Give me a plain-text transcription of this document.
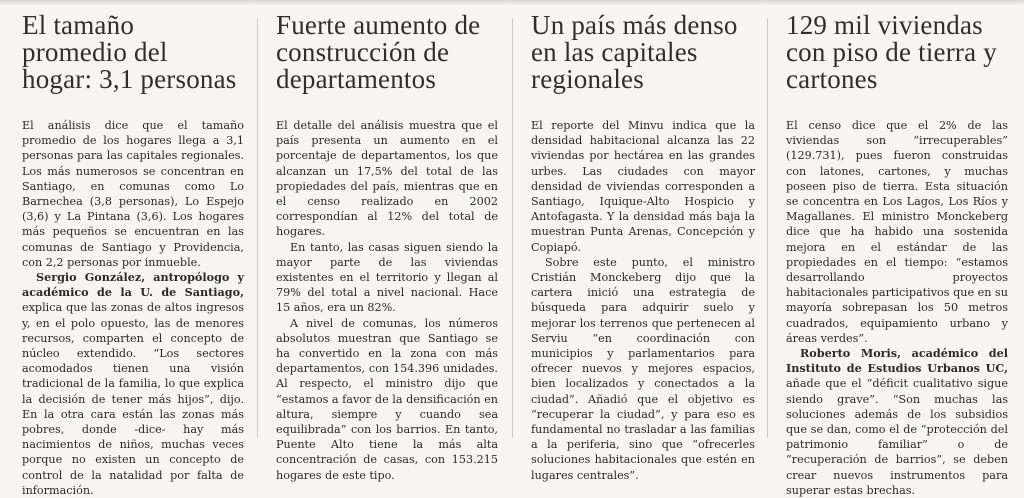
El tamaño promedio del hogar: 3,1 personas

El análisis dice que el tamaño promedio de los hogares llega a 3,1 personas para las capitales regionales. Los más numerosos se concentran en Santiago, en comunas como Lo Barnechea (3,8 personas), Lo Espejo (3,6) y La Pintana (3,6). Los hogares más pequeños se encuentran en las comunas de Santiago y Providencia, con 2,2 personas por inmueble.

Sergio González, antropólogo y académico de la U. de Santiago, explica que las zonas de altos ingresos y, en el polo opuesto, las de menores recursos, comparten el concepto de núcleo extendido. “Los sectores acomodados tienen una visión tradicional de la familia, lo que explica la decisión de tener más hijos”, dijo. En la otra cara están las zonas más pobres, donde -dice- hay más nacimientos de niños, muchas veces porque no existen un concepto de control de la natalidad por falta de información.

Fuerte aumento de construcción de departamentos

El detalle del análisis muestra que el país presenta un aumento en el porcentaje de departamentos, los que alcanzan un 17,5% del total de las propiedades del país, mientras que en el censo realizado en 2002 correspondían al 12% del total de hogares.

En tanto, las casas siguen siendo la mayor parte de las viviendas existentes en el territorio y llegan al 79% del total a nivel nacional. Hace 15 años, era un 82%.

A nivel de comunas, los números absolutos muestran que Santiago se ha convertido en la zona con más departamentos, con 154.396 unidades. Al respecto, el ministro dijo que “estamos a favor de la densificación en altura, siempre y cuando sea equilibrada” con los barrios. En tanto, Puente Alto tiene la más alta concentración de casas, con 153.215 hogares de este tipo.

Un país más denso en las capitales regionales

El reporte del Minvu indica que la densidad habitacional alcanza las 22 viviendas por hectárea en las grandes urbes. Las ciudades con mayor densidad de viviendas corresponden a Santiago, Iquique-Alto Hospicio y Antofagasta. Y la densidad más baja la muestran Punta Arenas, Concepción y Copiapó.

Sobre este punto, el ministro Cristián Monckeberg dijo que la cartera inició una estrategia de búsqueda para adquirir suelo y mejorar los terrenos que pertenecen al Serviu “en coordinación con municipios y parlamentarios para ofrecer nuevos y mejores espacios, bien localizados y conectados a la ciudad”. Añadió que el objetivo es “recuperar la ciudad”, y para eso es fundamental no trasladar a las familias a la periferia, sino que “ofrecerles soluciones habitacionales que estén en lugares centrales”.

129 mil viviendas con piso de tierra y cartones

El censo dice que el 2% de las viviendas son “irrecuperables” (129.731), pues fueron construidas con latones, cartones, y muchas poseen piso de tierra. Esta situación se concentra en Los Lagos, Los Ríos y Magallanes. El ministro Monckeberg dice que ha habido una sostenida mejora en el estándar de las propiedades en el tiempo: “estamos desarrollando proyectos habitacionales participativos que en su mayoría sobrepasan los 50 metros cuadrados, equipamiento urbano y áreas verdes”.

Roberto Moris, académico del Instituto de Estudios Urbanos UC, añade que el “déficit cualitativo sigue siendo grave”. “Son muchas las soluciones además de los subsidios que se dan, como el de “protección del patrimonio familiar” o de “recuperación de barrios”, se deben crear nuevos instrumentos para superar estas brechas.
